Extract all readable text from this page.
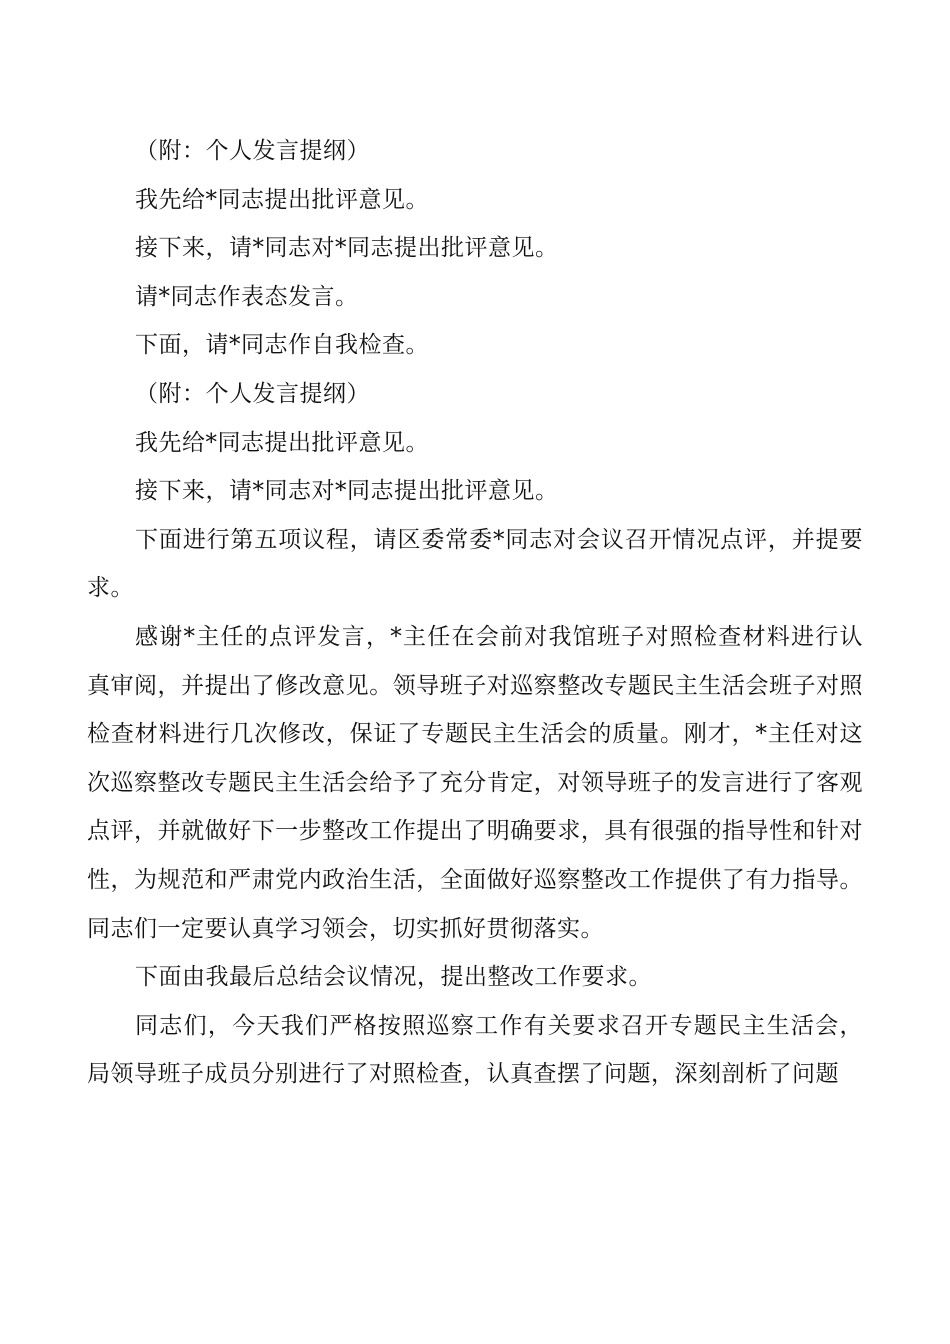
（附：个人发言提纲）

我先给*同志提出批评意见。

接下来，请*同志对*同志提出批评意见。

请*同志作表态发言。

下面，请*同志作自我检查。

（附：个人发言提纲）

我先给*同志提出批评意见。

接下来，请*同志对*同志提出批评意见。

下面进行第五项议程，请区委常委*同志对会议召开情况点评，并提要求。

感谢*主任的点评发言，*主任在会前对我馆班子对照检查材料进行认真审阅，并提出了修改意见。领导班子对巡察整改专题民主生活会班子对照检查材料进行几次修改，保证了专题民主生活会的质量。刚才，*主任对这次巡察整改专题民主生活会给予了充分肯定，对领导班子的发言进行了客观点评，并就做好下一步整改工作提出了明确要求，具有很强的指导性和针对性，为规范和严肃党内政治生活，全面做好巡察整改工作提供了有力指导。同志们一定要认真学习领会，切实抓好贯彻落实。

下面由我最后总结会议情况，提出整改工作要求。

同志们，今天我们严格按照巡察工作有关要求召开专题民主生活会，局领导班子成员分别进行了对照检查，认真查摆了问题，深刻剖析了问题
